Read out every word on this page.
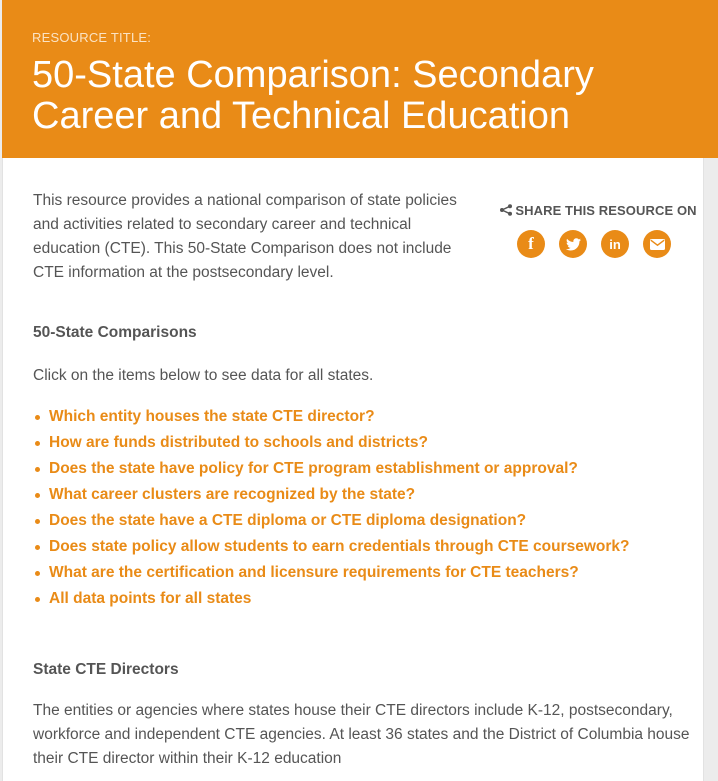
RESOURCE TITLE:
50-State Comparison: Secondary Career and Technical Education

This resource provides a national comparison of state policies and activities related to secondary career and technical education (CTE). This 50-State Comparison does not include CTE information at the postsecondary level.

SHARE THIS RESOURCE ON
f	in
50-State Comparisons
Click on the items below to see data for all states.
Which entity houses the state CTE director?
How are funds distributed to schools and districts?
Does the state have policy for CTE program establishment or approval?
What career clusters are recognized by the state?
Does the state have a CTE diploma or CTE diploma designation?
Does state policy allow students to earn credentials through CTE coursework?
What are the certification and licensure requirements for CTE teachers?
All data points for all states
State CTE Directors

The entities or agencies where states house their CTE directors include K-12, postsecondary, workforce and independent CTE agencies. At least 36 states and the District of Columbia house their CTE director within their K-12 education
